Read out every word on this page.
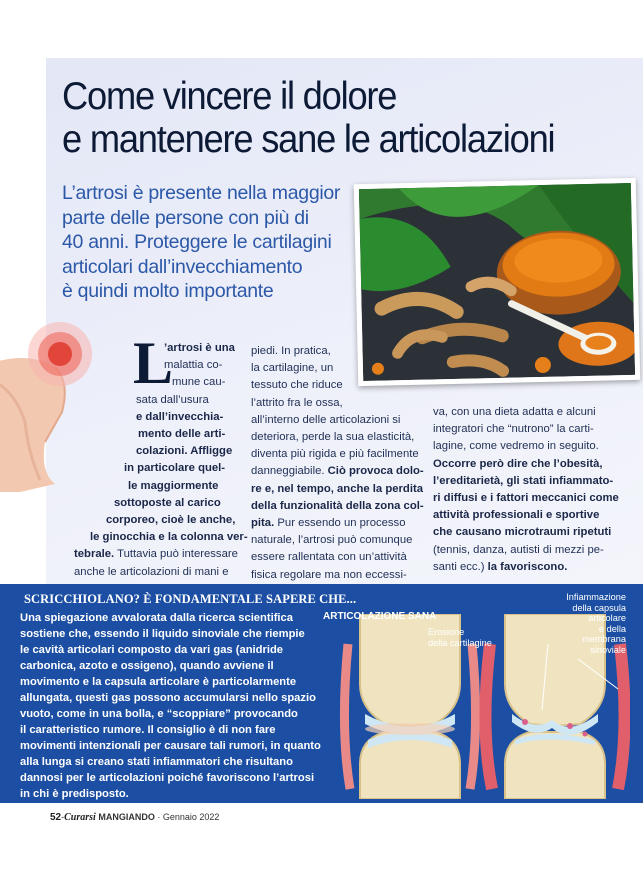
Come vincere il dolore
e mantenere sane le articolazioni

L’artrosi è presente nella maggior
parte delle persone con più di
40 anni. Proteggere le cartilagini
articolari dall’invecchiamento
è quindi molto importante

L
’artrosi è una
malattia co-
mune cau-
sata dall’usura
e dall’invecchia-
mento delle arti-
colazioni. Affligge
in particolare quel-
le maggiormente
sottoposte al carico
corporeo, cioè le anche,
le ginocchia e la colonna ver-
tebrale. Tuttavia può interessare
anche le articolazioni di mani e
piedi. In pratica,
la cartilagine, un
tessuto che riduce
l’attrito fra le ossa,
all’interno delle articolazioni si
deteriora, perde la sua elasticità,
diventa più rigida e più facilmente
danneggiabile. Ciò provoca dolo-
re e, nel tempo, anche la perdita
della funzionalità della zona col-
pita. Pur essendo un processo
naturale, l’artrosi può comunque
essere rallentata con un’attività
fisica regolare ma non eccessi-
va, con una dieta adatta e alcuni
integratori che “nutrono” la carti-
lagine, come vedremo in seguito.
Occorre però dire che l’obesità,
l’ereditarietà, gli stati infiammato-
ri diffusi e i fattori meccanici come
attività professionali e sportive
che causano microtraumi ripetuti
(tennis, danza, autisti di mezzi pe-
santi ecc.) la favoriscono.
SCRICCHIOLANO? È FONDAMENTALE SAPERE CHE...
Una spiegazione avvalorata dalla ricerca scientifica
sostiene che, essendo il liquido sinoviale che riempie
le cavità articolari composto da vari gas (anidride
carbonica, azoto e ossigeno), quando avviene il
movimento e la capsula articolare è particolarmente
allungata, questi gas possono accumularsi nello spazio
vuoto, come in una bolla, e “scoppiare” provocando
il caratteristico rumore. Il consiglio è di non fare
movimenti intenzionali per causare tali rumori, in quanto
alla lunga si creano stati infiammatori che risultano
dannosi per le articolazioni poiché favoriscono l’artrosi
in chi è predisposto.
ARTICOLAZIONE SANA
Erosione
della cartilagine
Infiammazione
della capsula
articolare
e della
membrana
sinoviale
52-Curarsi MANGIANDO · Gennaio 2022
